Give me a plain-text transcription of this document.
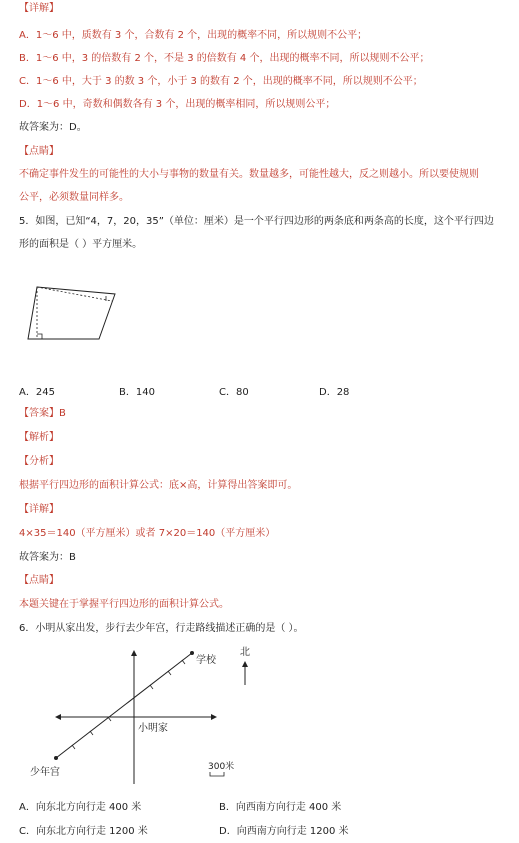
【详解】
A．1～6 中，质数有 3 个，合数有 2 个，出现的概率不同，所以规则不公平；
B．1～6 中，3 的倍数有 2 个，不是 3 的倍数有 4 个，出现的概率不同，所以规则不公平；
C．1～6 中，大于 3 的数 3 个，小于 3 的数有 2 个，出现的概率不同，所以规则不公平；
D．1～6 中，奇数和偶数各有 3 个，出现的概率相同，所以规则公平；
故答案为：D。
【点睛】
不确定事件发生的可能性的大小与事物的数量有关。数量越多，可能性越大，反之则越小。所以要使规则
公平，必须数量同样多。
5．如图，已知“4，7，20，35”（单位：厘米）是一个平行四边形的两条底和两条高的长度，这个平行四边
形的面积是（ ）平方厘米。
A．245	B．140	C．80	D．28
【答案】B
【解析】
【分析】
根据平行四边形的面积计算公式：底×高，计算得出答案即可。
【详解】
4×35＝140（平方厘米）或者 7×20＝140（平方厘米）
故答案为：B
【点睛】
本题关键在于掌握平行四边形的面积计算公式。
6．小明从家出发，步行去少年宫，行走路线描述正确的是（ ）。
学校
小明家
少年宫
北
300米
A．向东北方向行走 400 米	B．向西南方向行走 400 米
C．向东北方向行走 1200 米	D．向西南方向行走 1200 米
